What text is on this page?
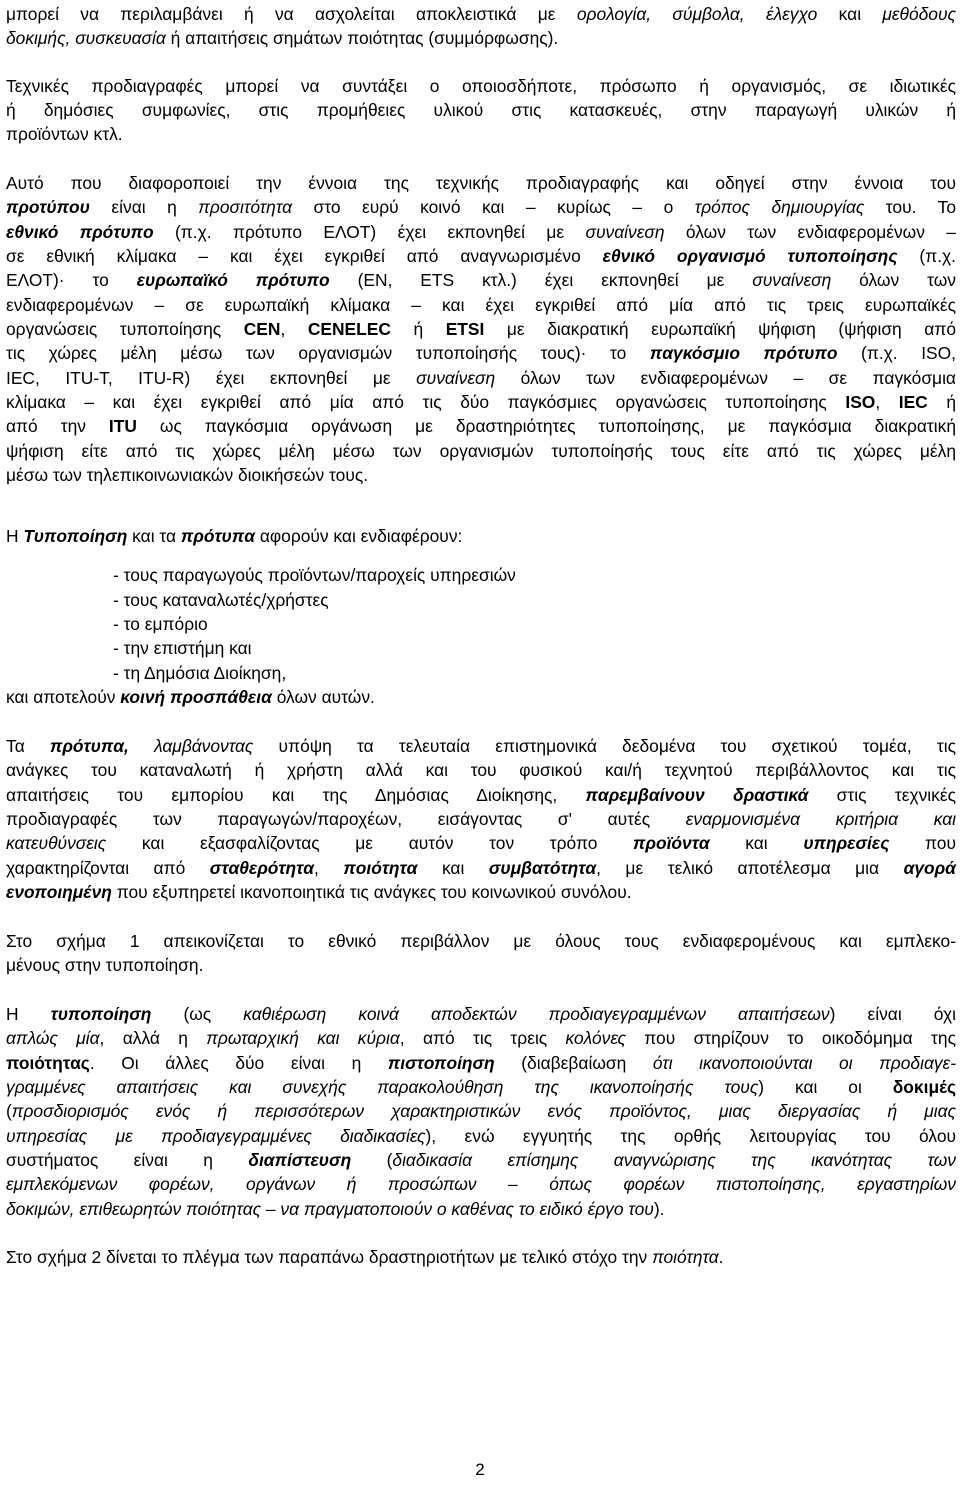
μπορεί να περιλαμβάνει ή να ασχολείται αποκλειστικά με ορολογία, σύμβολα, έλεγχο και μεθόδους
δοκιμής, συσκευασία ή απαιτήσεις σημάτων ποιότητας (συμμόρφωσης).
Τεχνικές προδιαγραφές μπορεί να συντάξει ο οποιοσδήποτε, πρόσωπο ή οργανισμός, σε ιδιωτικές
ή δημόσιες συμφωνίες, στις προμήθειες υλικού στις κατασκευές, στην παραγωγή υλικών ή
προϊόντων κτλ.
Αυτό που διαφοροποιεί την έννοια της τεχνικής προδιαγραφής και οδηγεί στην έννοια του
προτύπου είναι η προσιτότητα στο ευρύ κοινό και – κυρίως – ο τρόπος δημιουργίας του. Το
εθνικό πρότυπο (π.χ. πρότυπο ΕΛΟΤ) έχει εκπονηθεί με συναίνεση όλων των ενδιαφερομένων –
σε εθνική κλίμακα – και έχει εγκριθεί από αναγνωρισμένο εθνικό οργανισμό τυποποίησης (π.χ.
ΕΛΟΤ)· το ευρωπαϊκό πρότυπο (EN, ETS κτλ.) έχει εκπονηθεί με συναίνεση όλων των
ενδιαφερομένων – σε ευρωπαϊκή κλίμακα – και έχει εγκριθεί από μία από τις τρεις ευρωπαϊκές
οργανώσεις τυποποίησης CEN, CENELEC ή ETSI με διακρατική ευρωπαϊκή ψήφιση (ψήφιση από
τις χώρες μέλη μέσω των οργανισμών τυποποίησής τους)· το παγκόσμιο πρότυπο (π.χ. ISO,
IEC, ITU-T, ITU-R) έχει εκπονηθεί με συναίνεση όλων των ενδιαφερομένων – σε παγκόσμια
κλίμακα – και έχει εγκριθεί από μία από τις δύο παγκόσμιες οργανώσεις τυποποίησης ISO, IEC ή
από την ITU ως παγκόσμια οργάνωση με δραστηριότητες τυποποίησης, με παγκόσμια διακρατική
ψήφιση είτε από τις χώρες μέλη μέσω των οργανισμών τυποποίησής τους είτε από τις χώρες μέλη
μέσω των τηλεπικοινωνιακών διοικήσεών τους.
Η Τυποποίηση και τα πρότυπα αφορούν και ενδιαφέρουν:
- τους παραγωγούς προϊόντων/παροχείς υπηρεσιών
- τους καταναλωτές/χρήστες
- το εμπόριο
- την επιστήμη και
- τη Δημόσια Διοίκηση,
και αποτελούν κοινή προσπάθεια όλων αυτών.
Τα πρότυπα, λαμβάνοντας υπόψη τα τελευταία επιστημονικά δεδομένα του σχετικού τομέα, τις
ανάγκες του καταναλωτή ή χρήστη αλλά και του φυσικού και/ή τεχνητού περιβάλλοντος και τις
απαιτήσεις του εμπορίου και της Δημόσιας Διοίκησης, παρεμβαίνουν δραστικά στις τεχνικές
προδιαγραφές των παραγωγών/παροχέων, εισάγοντας σ' αυτές εναρμονισμένα κριτήρια και
κατευθύνσεις και εξασφαλίζοντας με αυτόν τον τρόπο προϊόντα και υπηρεσίες που
χαρακτηρίζονται από σταθερότητα, ποιότητα και συμβατότητα, με τελικό αποτέλεσμα μια αγορά
ενοποιημένη που εξυπηρετεί ικανοποιητικά τις ανάγκες του κοινωνικού συνόλου.
Στο σχήμα 1 απεικονίζεται το εθνικό περιβάλλον με όλους τους ενδιαφερομένους και εμπλεκο-
μένους στην τυποποίηση.
Η τυποποίηση (ως καθιέρωση κοινά αποδεκτών προδιαγεγραμμένων απαιτήσεων) είναι όχι
απλώς μία, αλλά η πρωταρχική και κύρια, από τις τρεις κολόνες που στηρίζουν το οικοδόμημα της
ποιότητας. Οι άλλες δύο είναι η πιστοποίηση (διαβεβαίωση ότι ικανοποιούνται οι προδιαγε-
γραμμένες απαιτήσεις και συνεχής παρακολούθηση της ικανοποίησής τους) και οι δοκιμές
(προσδιορισμός ενός ή περισσότερων χαρακτηριστικών ενός προϊόντος, μιας διεργασίας ή μιας
υπηρεσίας με προδιαγεγραμμένες διαδικασίες), ενώ εγγυητής της ορθής λειτουργίας του όλου
συστήματος είναι η διαπίστευση (διαδικασία επίσημης αναγνώρισης της ικανότητας των
εμπλεκόμενων φορέων, οργάνων ή προσώπων – όπως φορέων πιστοποίησης, εργαστηρίων
δοκιμών, επιθεωρητών ποιότητας – να πραγματοποιούν ο καθένας το ειδικό έργο του).
Στο σχήμα 2 δίνεται το πλέγμα των παραπάνω δραστηριοτήτων με τελικό στόχο την ποιότητα.
2
